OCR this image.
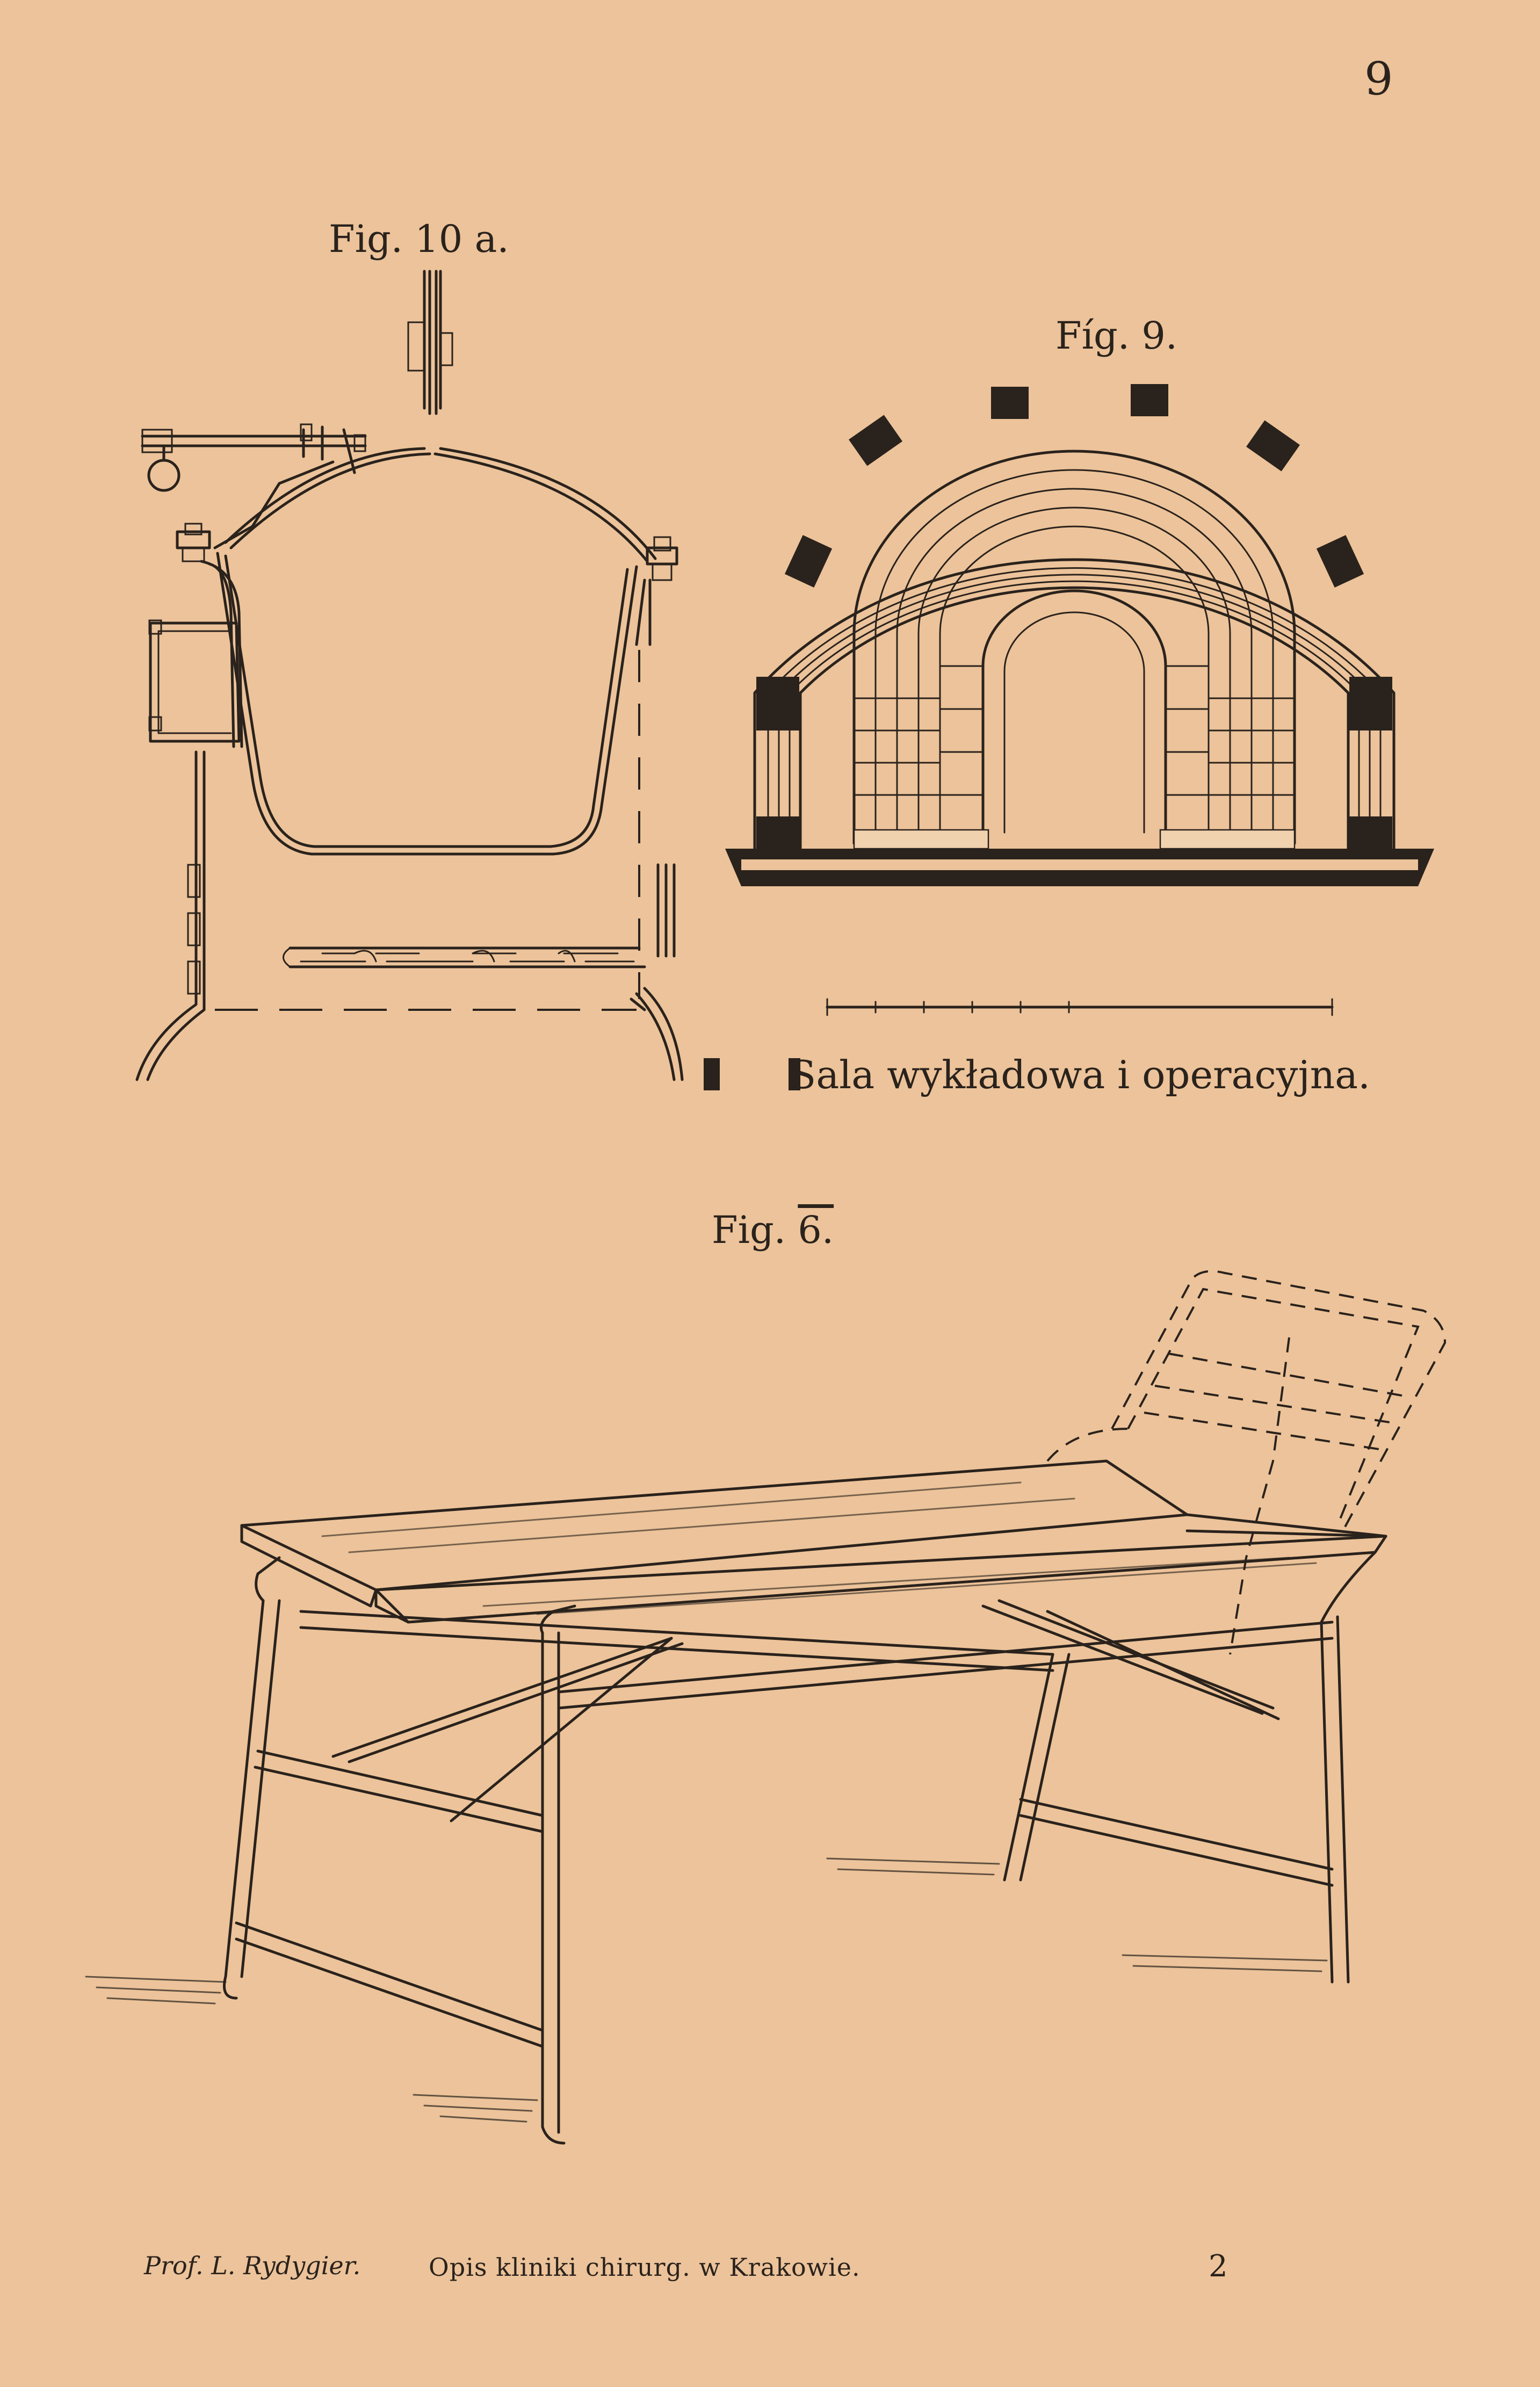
9
Fig. 10 a.
Fíg. 9.
Sala wykładowa i operacyjna.
Fig. 6.
Prof. L. Rydygier.	Opis kliniki chirurg. w Krakowie.	2
